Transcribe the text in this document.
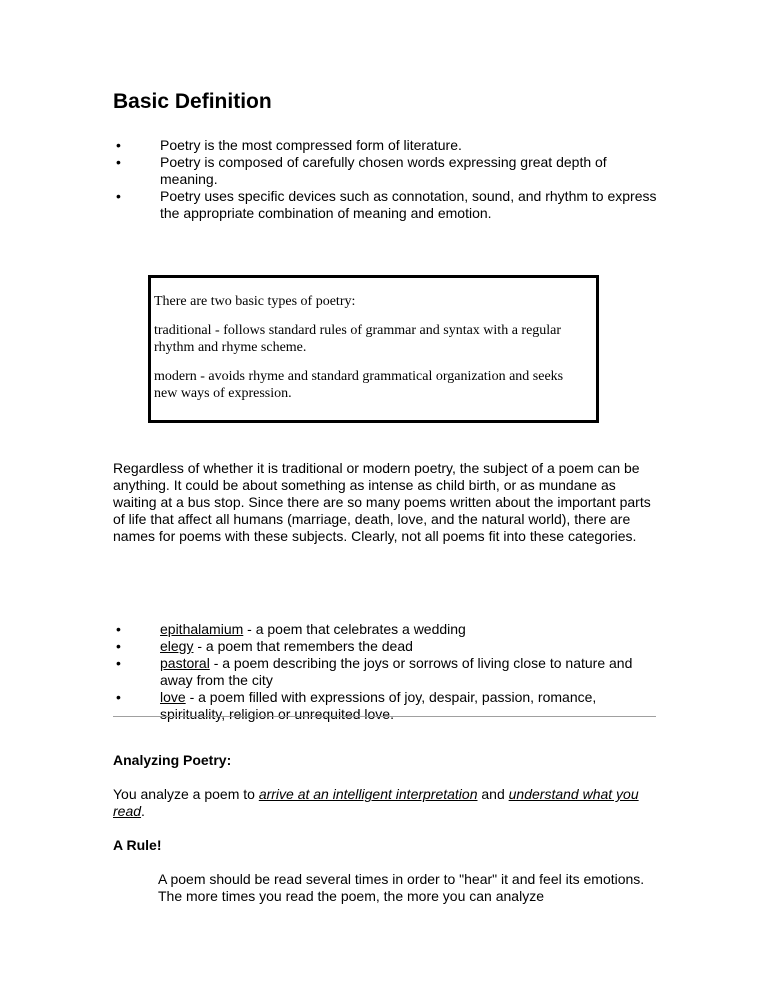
Basic Definition
• Poetry is the most compressed form of literature.
• Poetry is composed of carefully chosen words expressing great depth of meaning.
• Poetry uses specific devices such as connotation, sound, and rhythm to express the appropriate combination of meaning and emotion.

There are two basic types of poetry:

traditional - follows standard rules of grammar and syntax with a regular rhythm and rhyme scheme.

modern - avoids rhyme and standard grammatical organization and seeks new ways of expression.

Regardless of whether it is traditional or modern poetry, the subject of a poem can be anything. It could be about something as intense as child birth, or as mundane as waiting at a bus stop. Since there are so many poems written about the important parts of life that affect all humans (marriage, death, love, and the natural world), there are names for poems with these subjects. Clearly, not all poems fit into these categories.

• epithalamium - a poem that celebrates a wedding
• elegy - a poem that remembers the dead
• pastoral - a poem describing the joys or sorrows of living close to nature and away from the city
• love - a poem filled with expressions of joy, despair, passion, romance, spirituality, religion or unrequited love.

Analyzing Poetry:

You analyze a poem to arrive at an intelligent interpretation and understand what you read.

A Rule!

A poem should be read several times in order to "hear" it and feel its emotions. The more times you read the poem, the more you can analyze
